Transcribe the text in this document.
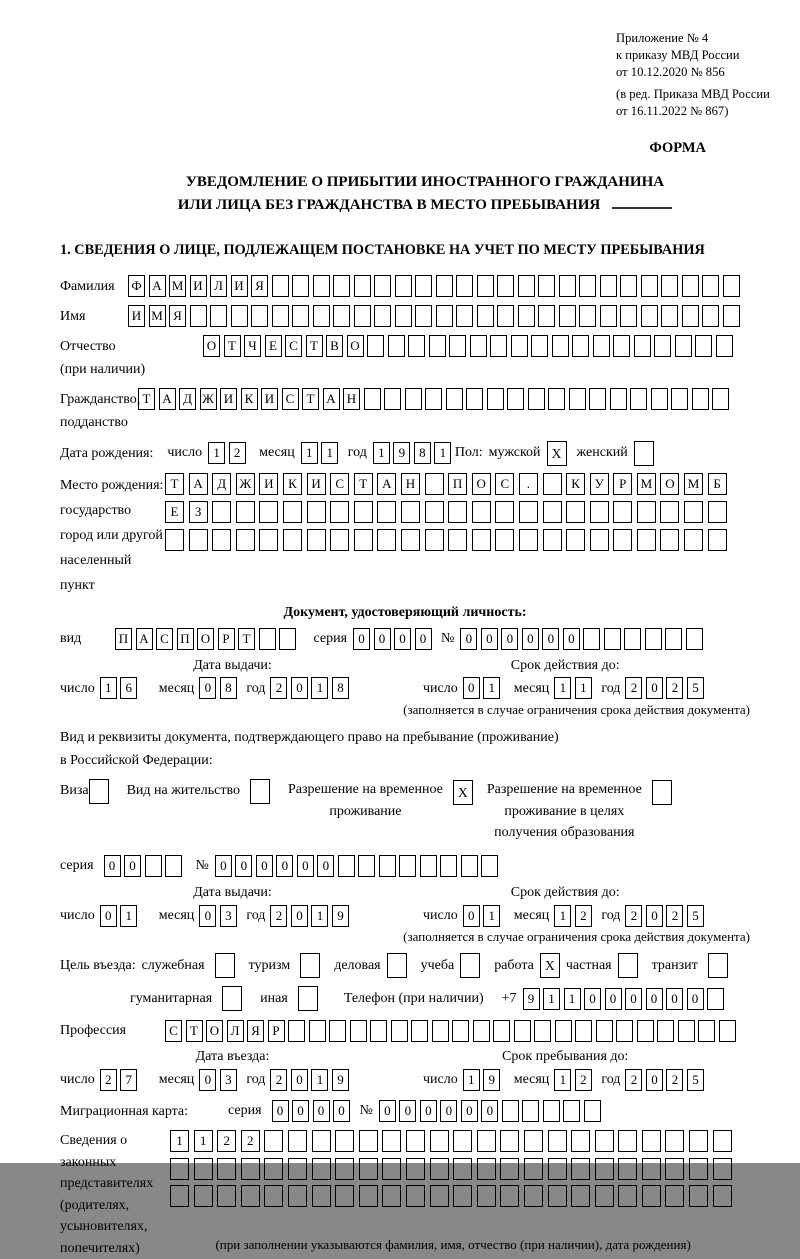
Приложение № 4
к приказу МВД России
от 10.12.2020 № 856
(в ред. Приказа МВД России
от 16.11.2022 № 867)
ФОРМА
УВЕДОМЛЕНИЕ О ПРИБЫТИИ ИНОСТРАННОГО ГРАЖДАНИНА
ИЛИ ЛИЦА БЕЗ ГРАЖДАНСТВА В МЕСТО ПРЕБЫВАНИЯ
1. СВЕДЕНИЯ О ЛИЦЕ, ПОДЛЕЖАЩЕМ ПОСТАНОВКЕ НА УЧЕТ ПО МЕСТУ ПРЕБЫВАНИЯ
Фамилия	Ф А М И Л И Я
Имя	И М Я
Отчество
(при наличии)
О Т Ч Е С Т В О
Гражданство,
подданство
Т А Д Ж И К И С Т А Н
Дата рождения: число 1 2	месяц 1 1	год 1 9 8 1 Пол: мужской X	женский
Место рождения:
государство
город или другой
населенный пункт
Т А Д Ж И К И С Т А Н	П О С .	К У Р М О М Б
Е З
Документ, удостоверяющий личность:
вид	П А С П О Р Т	серия 0 0 0 0	№ 0 0 0 0 0 0
Дата выдачи:
число 1 6	месяц 0 8	год 2 0 1 8
Срок действия до:
число 0 1	месяц 1 1	год 2 0 2 5
(заполняется в случае ограничения срока действия документа)
Вид и реквизиты документа, подтверждающего право на пребывание (проживание)
в Российской Федерации:
Виза	Вид на жительство	Разрешение на временное
проживание
X	Разрешение на временное
проживание в целях
получения образования
серия	0 0	№ 0 0 0 0 0 0
Дата выдачи:
число 0 1	месяц 0 3	год 2 0 1 9
Срок действия до:
число 0 1	месяц 1 2	год 2 0 2 5
(заполняется в случае ограничения срока действия документа)
Цель въезда: служебная	туризм	деловая	учеба	работа X частная	транзит
гуманитарная	иная	Телефон (при наличии) +7 9 1 1 0 0 0 0 0 0
Профессия	С Т О Л Я Р
Дата въезда:
число 2 7	месяц 0 3	год 2 0 1 9
Срок пребывания до:
число 1 9	месяц 1 2	год 2 0 2 5
Миграционная карта:	серия	0 0 0 0	№ 0 0 0 0 0 0
Сведения о
законных
представителях
(родителях,
усыновителях,
попечителях)
1 1 2 2
(при заполнении указываются фамилия, имя, отчество (при наличии), дата рождения)
